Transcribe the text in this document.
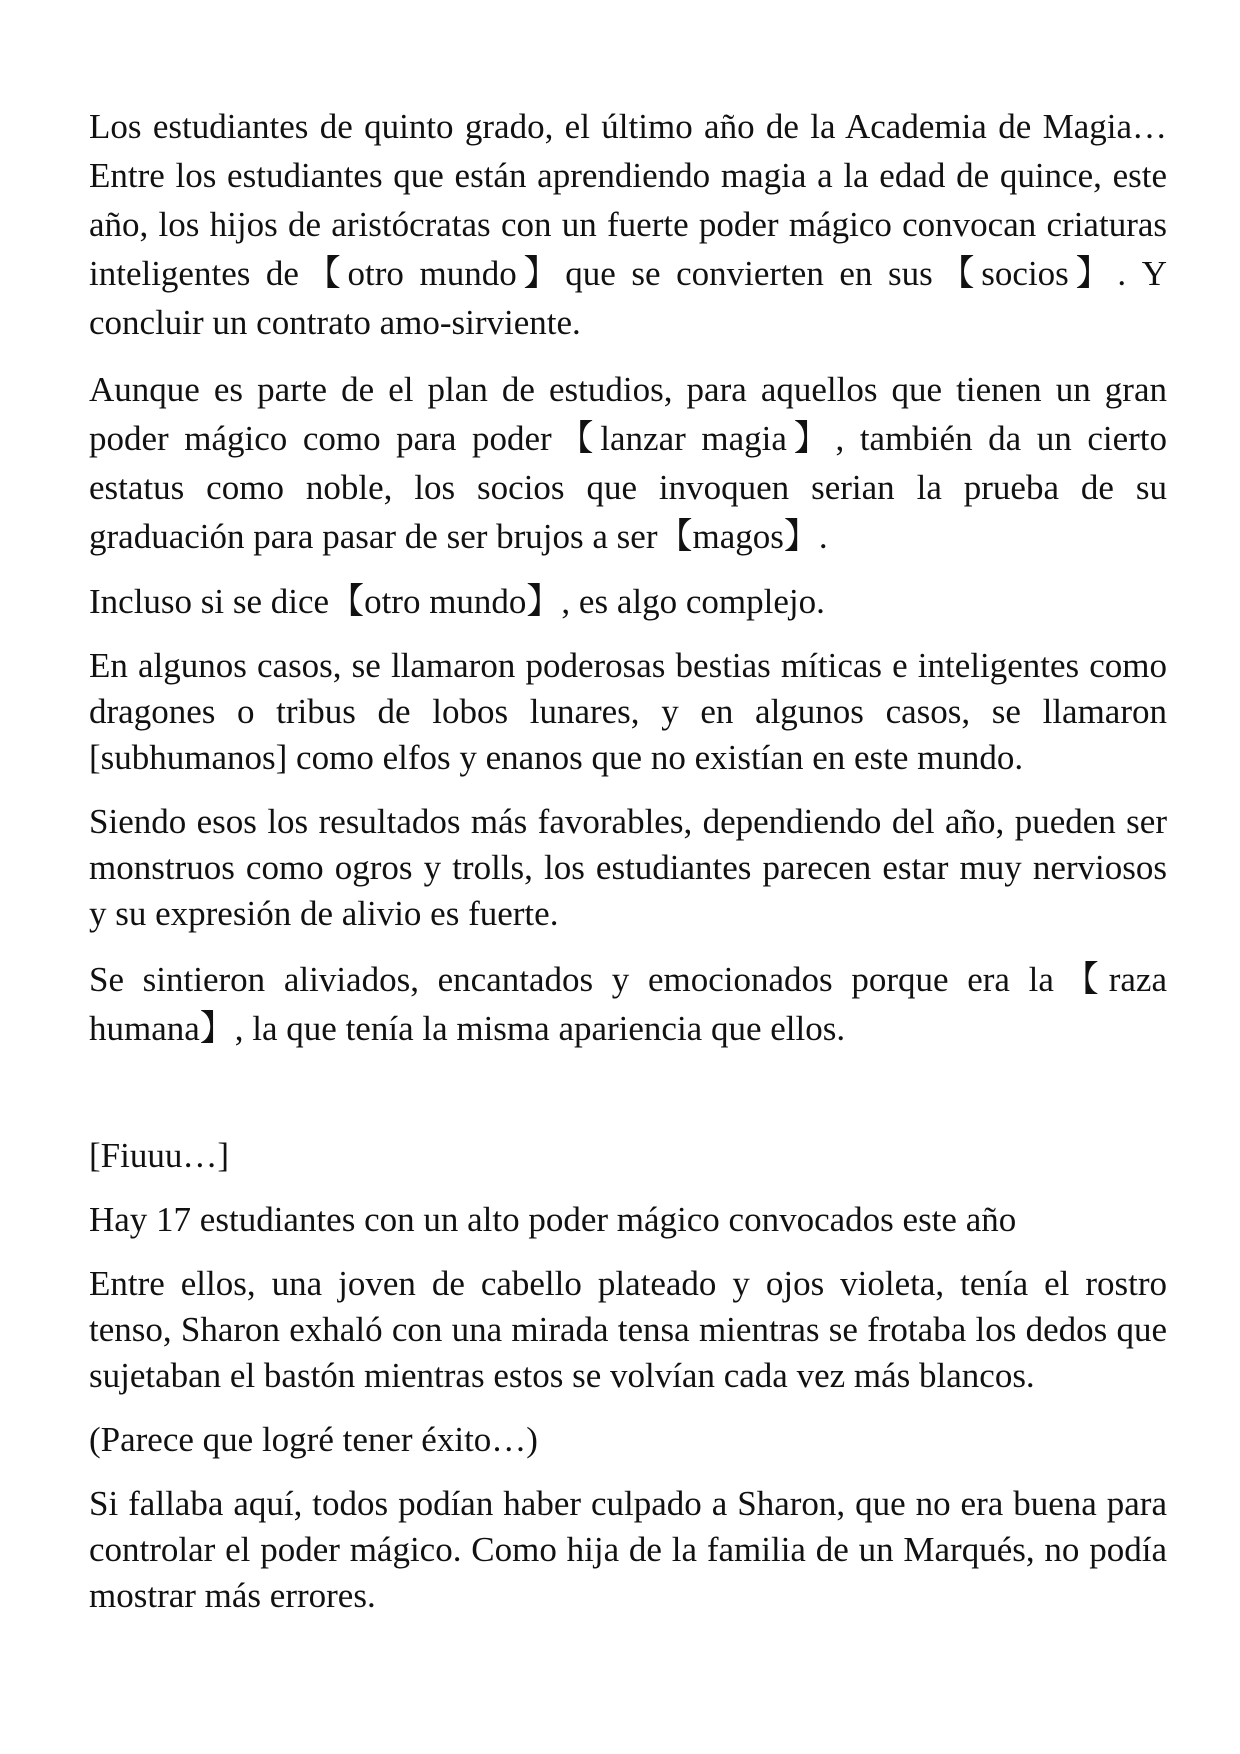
Los estudiantes de quinto grado, el último año de la Academia de Magia… Entre los estudiantes que están aprendiendo magia a la edad de quince, este año, los hijos de aristócratas con un fuerte poder mágico convocan criaturas inteligentes de【otro mundo】que se convierten en sus【socios】. Y concluir un contrato amo-sirviente.

Aunque es parte de el plan de estudios, para aquellos que tienen un gran poder mágico como para poder【lanzar magia】, también da un cierto estatus como noble, los socios que invoquen serian la prueba de su graduación para pasar de ser brujos a ser【magos】.

Incluso si se dice【otro mundo】, es algo complejo.

En algunos casos, se llamaron poderosas bestias míticas e inteligentes como dragones o tribus de lobos lunares, y en algunos casos, se llamaron [subhumanos] como elfos y enanos que no existían en este mundo.

Siendo esos los resultados más favorables, dependiendo del año, pueden ser monstruos como ogros y trolls, los estudiantes parecen estar muy nerviosos y su expresión de alivio es fuerte.

Se sintieron aliviados, encantados y emocionados porque era la【raza humana】, la que tenía la misma apariencia que ellos.

[Fiuuu…]

Hay 17 estudiantes con un alto poder mágico convocados este año

Entre ellos, una joven de cabello plateado y ojos violeta, tenía el rostro tenso, Sharon exhaló con una mirada tensa mientras se frotaba los dedos que sujetaban el bastón mientras estos se volvían cada vez más blancos.

(Parece que logré tener éxito…)

Si fallaba aquí, todos podían haber culpado a Sharon, que no era buena para controlar el poder mágico. Como hija de la familia de un Marqués, no podía mostrar más errores.
